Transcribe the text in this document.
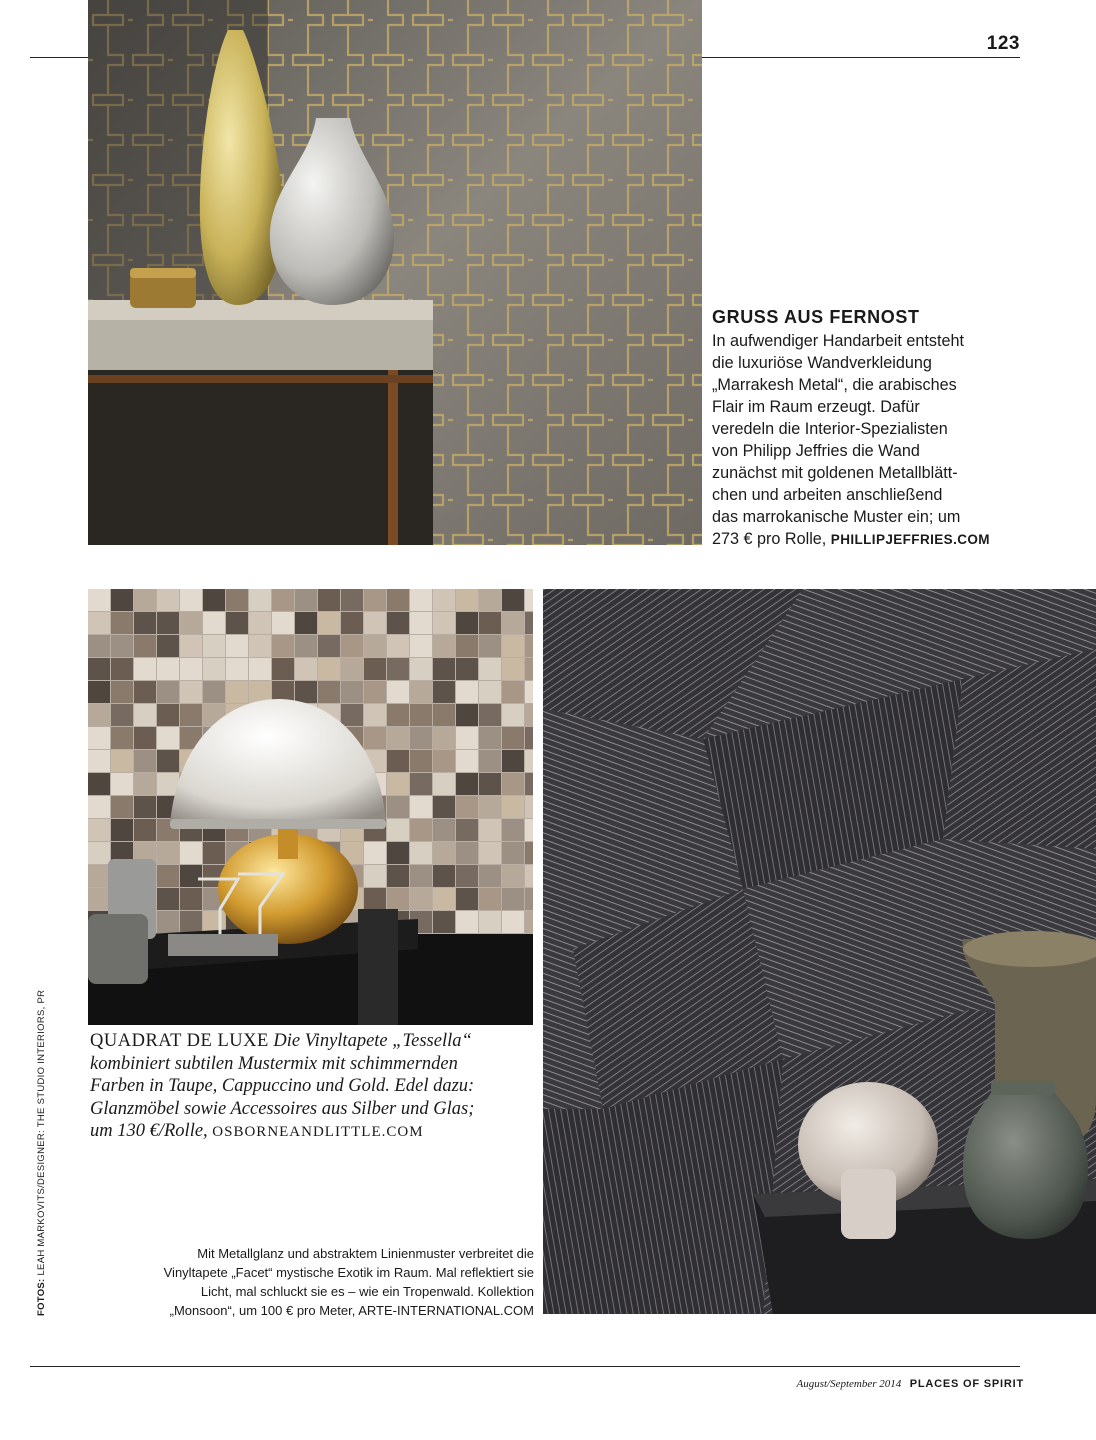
123
GRUSS AUS FERNOST
In aufwendiger Handarbeit entsteht
die luxuriöse Wandverkleidung
„Marrakesh Metal“, die arabisches
Flair im Raum erzeugt. Dafür
veredeln die Interior-Spezialisten
von Philipp Jeffries die Wand
zunächst mit goldenen Metallblätt-
chen und arbeiten anschließend
das marrokanische Muster ein; um
273 € pro Rolle, PHILLIPJEFFRIES.COM
QUADRAT DE LUXE Die Vinyltapete „Tessella“
kombiniert subtilen Mustermix mit schimmernden
Farben in Taupe, Cappuccino und Gold. Edel dazu:
Glanzmöbel sowie Accessoires aus Silber und Glas;
um 130 €/Rolle, OSBORNEANDLITTLE.COM
Mit Metallglanz und abstraktem Linienmuster verbreitet die
Vinyltapete „Facet“ mystische Exotik im Raum. Mal reflektiert sie
Licht, mal schluckt sie es – wie ein Tropenwald. Kollektion
„Monsoon“, um 100 € pro Meter, ARTE-INTERNATIONAL.COM
FOTOS: LEAH MARKOVITS/DESIGNER: THE STUDIO INTERIORS, PR
August/September 2014 PLACES OF SPIRIT
